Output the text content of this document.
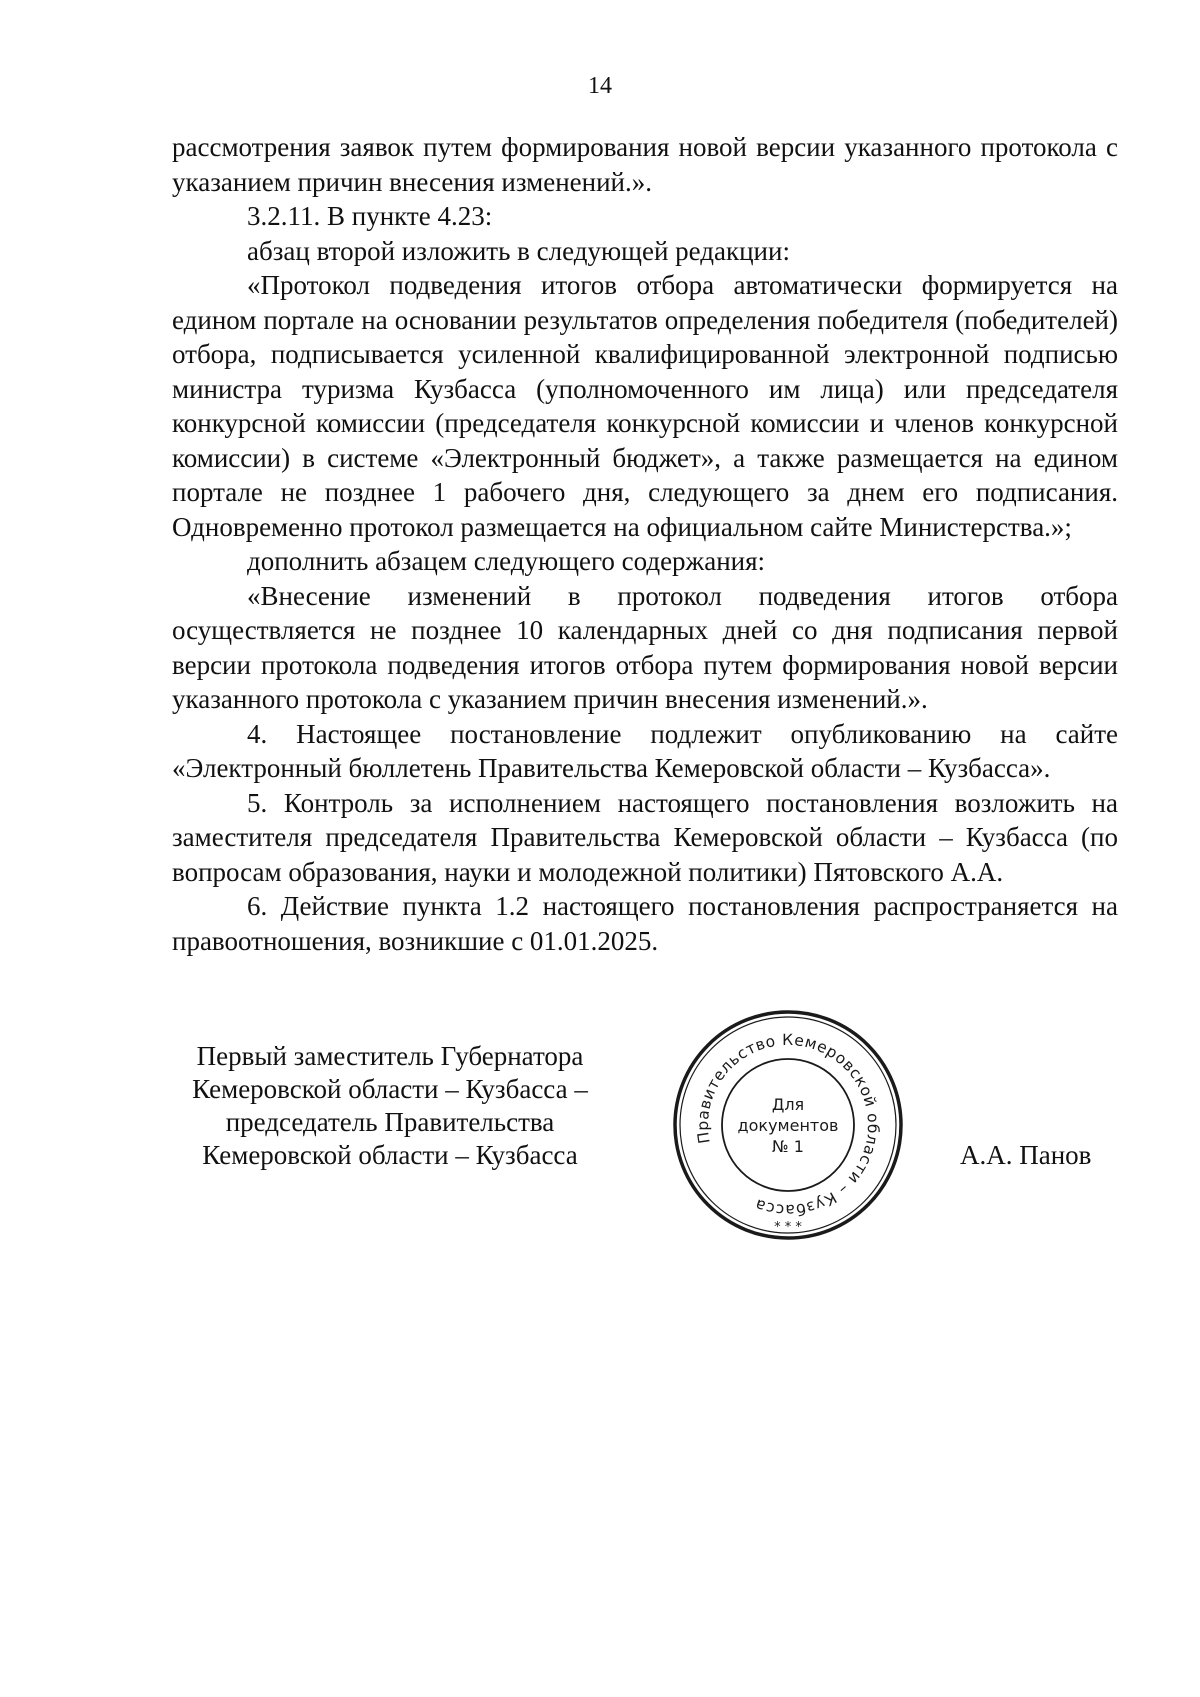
14

рассмотрения заявок путем формирования новой версии указанного протокола с указанием причин внесения изменений.».

3.2.11. В пункте 4.23:

абзац второй изложить в следующей редакции:

«Протокол подведения итогов отбора автоматически формируется на едином портале на основании результатов определения победителя (победителей) отбора, подписывается усиленной квалифицированной электронной подписью министра туризма Кузбасса (уполномоченного им лица) или председателя конкурсной комиссии (председателя конкурсной комиссии и членов конкурсной комиссии) в системе «Электронный бюджет», а также размещается на едином портале не позднее 1 рабочего дня, следующего за днем его подписания. Одновременно протокол размещается на официальном сайте Министерства.»;

дополнить абзацем следующего содержания:

«Внесение изменений в протокол подведения итогов отбора осуществляется не позднее 10 календарных дней со дня подписания первой версии протокола подведения итогов отбора путем формирования новой версии указанного протокола с указанием причин внесения изменений.».

4. Настоящее постановление подлежит опубликованию на сайте «Электронный бюллетень Правительства Кемеровской области – Кузбасса».

5. Контроль за исполнением настоящего постановления возложить на заместителя председателя Правительства Кемеровской области – Кузбасса (по вопросам образования, науки и молодежной политики) Пятовского А.А.

6. Действие пункта 1.2 настоящего постановления распространяется на правоотношения, возникшие с 01.01.2025.

Первый заместитель Губернатора
Кемеровской области – Кузбасса –
председатель Правительства
Кемеровской области – Кузбасса
Правительство Кемеровской области – Кузбасса
Для
документов
№ 1
* * *
А.А. Панов
